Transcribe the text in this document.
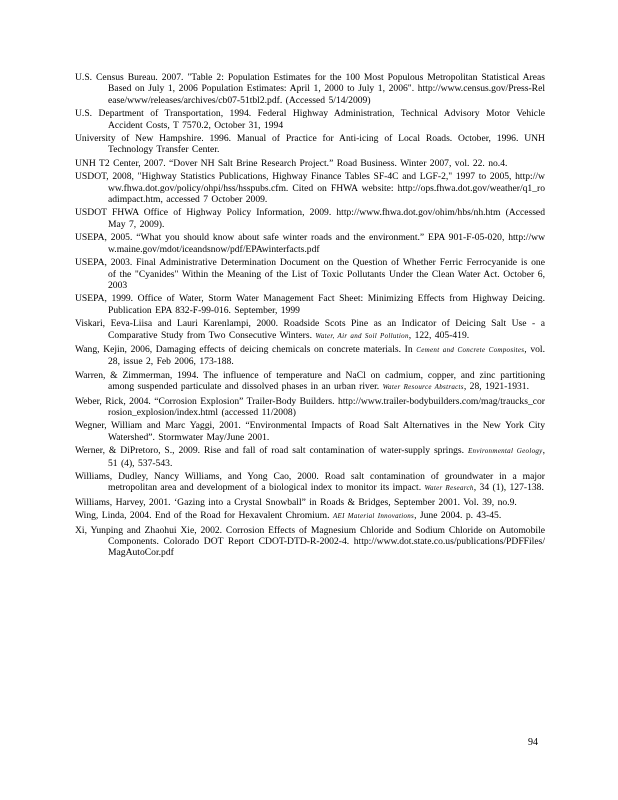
U.S. Census Bureau. 2007. "Table 2: Population Estimates for the 100 Most Populous Metropolitan Statistical Areas Based on July 1, 2006 Population Estimates: April 1, 2000 to July 1, 2006". http://www.census.gov/Press-Release/www/releases/archives/cb07-51tbl2.pdf. (Accessed 5/14/2009)
U.S. Department of Transportation, 1994. Federal Highway Administration, Technical Advisory Motor Vehicle Accident Costs, T 7570.2, October 31, 1994
University of New Hampshire. 1996. Manual of Practice for Anti-icing of Local Roads. October, 1996. UNH Technology Transfer Center.
UNH T2 Center, 2007. “Dover NH Salt Brine Research Project.” Road Business. Winter 2007, vol. 22. no.4.
USDOT, 2008, "Highway Statistics Publications, Highway Finance Tables SF-4C and LGF-2," 1997 to 2005, http://www.fhwa.dot.gov/policy/ohpi/hss/hsspubs.cfm. Cited on FHWA website: http://ops.fhwa.dot.gov/weather/q1_roadimpact.htm, accessed 7 October 2009.
USDOT FHWA Office of Highway Policy Information, 2009. http://www.fhwa.dot.gov/ohim/hbs/nh.htm (Accessed May 7, 2009).
USEPA, 2005. “What you should know about safe winter roads and the environment.” EPA 901-F-05-020, http://www.maine.gov/mdot/iceandsnow/pdf/EPAwinterfacts.pdf
USEPA, 2003. Final Administrative Determination Document on the Question of Whether Ferric Ferrocyanide is one of the "Cyanides" Within the Meaning of the List of Toxic Pollutants Under the Clean Water Act. October 6, 2003
USEPA, 1999. Office of Water, Storm Water Management Fact Sheet: Minimizing Effects from Highway Deicing. Publication EPA 832-F-99-016. September, 1999
Viskari, Eeva-Liisa and Lauri Karenlampi, 2000. Roadside Scots Pine as an Indicator of Deicing Salt Use - a Comparative Study from Two Consecutive Winters. Water, Air and Soil Pollution, 122, 405-419.
Wang, Kejin, 2006, Damaging effects of deicing chemicals on concrete materials. In Cement and Concrete Composites, vol. 28, issue 2, Feb 2006, 173-188.
Warren, & Zimmerman, 1994. The influence of temperature and NaCl on cadmium, copper, and zinc partitioning among suspended particulate and dissolved phases in an urban river. Water Resource Abstracts, 28, 1921-1931.
Weber, Rick, 2004. “Corrosion Explosion” Trailer-Body Builders. http://www.trailer-bodybuilders.com/mag/traucks_corrosion_explosion/index.html (accessed 11/2008)
Wegner, William and Marc Yaggi, 2001. “Environmental Impacts of Road Salt Alternatives in the New York City Watershed”. Stormwater May/June 2001.
Werner, & DiPretoro, S., 2009. Rise and fall of road salt contamination of water-supply springs. Environmental Geology, 51 (4), 537-543.
Williams, Dudley, Nancy Williams, and Yong Cao, 2000. Road salt contamination of groundwater in a major metropolitan area and development of a biological index to monitor its impact. Water Research, 34 (1), 127-138.
Williams, Harvey, 2001. ‘Gazing into a Crystal Snowball” in Roads & Bridges, September 2001. Vol. 39, no.9.
Wing, Linda, 2004. End of the Road for Hexavalent Chromium. AEI Material Innovations, June 2004. p. 43-45.
Xi, Yunping and Zhaohui Xie, 2002. Corrosion Effects of Magnesium Chloride and Sodium Chloride on Automobile Components. Colorado DOT Report CDOT-DTD-R-2002-4. http://www.dot.state.co.us/publications/PDFFiles/MagAutoCor.pdf
94
